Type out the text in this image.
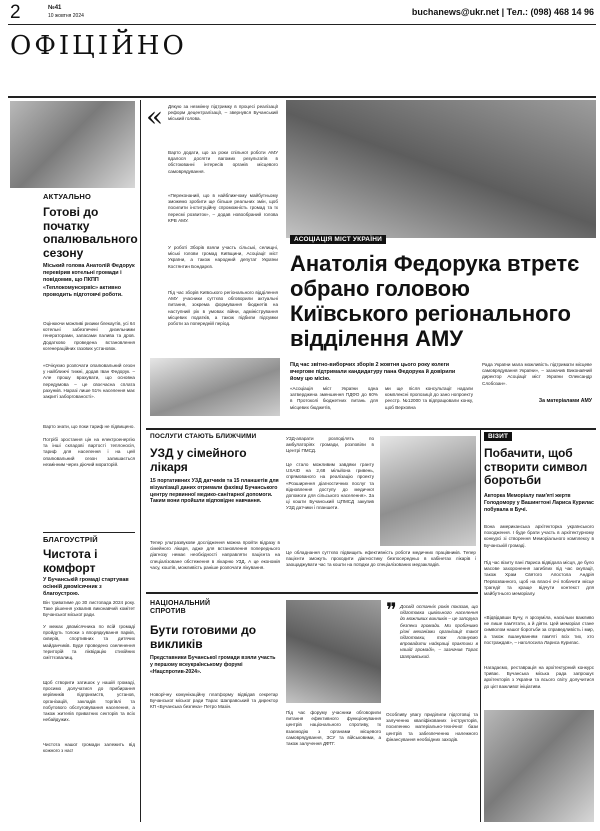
2	№41
10 жовтня 2024	buchanews@ukr.net | Тел.: (098) 468 14 96
ОФІЦІЙНО
АКТУАЛЬНО
Готові до початку опалювального сезону
Міський голова Анатолій Федорук перевірив котельні громади і повідомив, що ПКПП «Теплокомунсервіс» активно проводить підготовчі роботи.
Оцінюючи можливі ризики блекаутів, усі 64 котельні забезпечені дизельними генераторами, запасами палива та дров. Додатково проведена встановлення когенераційних газових установок.
«Очікуємо розпочати опалювальний сезон у найближчі тижні, додав Іван Федорук. – Але прошу врахувати, що основна передумова – це своєчасна сплата рахунків. Наразі лише 51% населення має закриті заборгованості».
Варто знати, що поки тариф не підвищено.
Потрібі зростання цін на електроенергію та інші складові вартості теплоносія, тариф для населення і на цей опалювальний сезон залишається незмінним через діючий мораторій.
БЛАГОУСТРІЙ
Чистота і комфорт
У Бучанській громаді стартував осінній двомісячник з благоустрою.
Він триватиме до 30 листопада 2024 року. Таке рішення ухвалив виконавчий комітет Бучанської міської ради.
У межах двомісячника по всій громаді пройдуть толоки з впорядкування парків, скверів, спортивних та дитячих майданчиків. Буде проведено озеленення територій та ліквідацію стихійних сміттєзвалищ.
Щоб створити затишок у нашій громаді, просимо долучатися до прибирання керівників підприємств, установ, організацій, закладів торгівлі та побутового обслуговування населення, а також жителів приватних секторів та всіх небайдужих.
Чистота нашої громади залежить від кожного з нас!
« Дякую за незмінну підтримку в процесі реалізації реформ децентралізації, – звернувся Бучанський міський голова.
Варто додати, що за роки спільної роботи АМУ вдалося досягти вагомих результатів в обстоюванні інтересів органів місцевого самоврядування.
«Переконаний, що в найближчому майбутньому зможемо зробити ще більше реальних змін, щоб посилити інституційну спроможність громад та їх пересмі розвиток», – додав новообраний голова КРВ АМУ.
У роботі Зборів взяли участь сільські, селищні, міські голови громад Київщини, Асоціації міст України, а також народний депутат України Костянтин Бондарєв.
Під час зборів Київського регіонального відділення АМУ учасники суттєво обговорили актуальні питання, зокрема формування бюджетів на наступний рік в умовах війни, адміністрування місцевих податків, а також підбили підсумки роботи за попередній період.
АСОЦІАЦІЯ МІСТ УКРАЇНИ
Анатолія Федорука втретє обрано головою Київського регіонального відділення АМУ
Під час звітно-виборчих зборів 2 жовтня цього року колеги вчергове підтримали кандидатуру пана Федорука й довірили йому цю місію.
«Асоціація міст України одна затверджена зменшення ПДФО до 60% в Протоколі бюджетних питань для місцевих бюджетів,
ми ще після консультації надали комплексні пропозиції до зано нопроекту реєстр. №12000 та відпрацювали конку, щоб Верховна
Рада України мала можливість підтримати місцеве самоврядування України», – зазначив Виконавчий директор Асоціації міст України Олександр Слобозан».
За матеріалами АМУ
ПОСЛУГИ СТАЮТЬ БЛИЖЧИМИ
УЗД у сімейного лікаря
15 портативних УЗД датчиків та 15 планшетів для візуалізації даних отримали фахівці Бучанського центру первинної медико-санітарної допомоги. Таким вони пройшли відповідне навчання.
Тепер ультразвукове дослідження можна пройти відразу в сімейного лікаря, адже для встановлення попереднього діагнозу немає необхідності направляти пацієнта на спеціалізоване обстеження в лікарню УЗД. А це економія часу, коштів, можливість раніше розпочати лікування.
УЗД-апарати розподілять по амбулаторіях громади, розповіли в Центрі ПМСД.
Це стало можливим завдяки гранту USAID на 2,68 мільйона гривень, спрямованого на реалізацію проекту «Розширення діагностичних послуг та відновлення доступу до медичної допомоги для сільського населення». За ці кошти Бучанський ЦПМСД закупив УЗД датчики і планшети.
Це обладнання суттєво підвищить ефективність роботи медичних працівників. Тепер пацієнти зможуть проходити діагностику безпосередньо в кабінетах лікарів і заощаджувати час та кошти на поїздки до спеціалізованих медзакладів.
НАЦІОНАЛЬНИЙ СПРОТИВ
Бути готовими до викликів
Представники Бучанської громади взяли участь у першому всеукраїнському форумі «Нацспротив-2024».
Новорічну комунікаційну платформу відвідав секретар Бучанської міської ради Тарас Шаправський та директор КП «Бучанська безпека» Петро Мазін.
Під час форуму учасники обговорили питання ефективного функціонування центрів національного спротиву, їх взаємодію з органами місцевого самоврядування, ЗСУ та військовими, а також залучення ДФТГ.
❞ Досвід останніх років показав, що підготовка цивільного населення до можливих викликів – це запорука безпеки громади. Ми пробачимо різні механізми організації такої підготовки, тож плануємо впровадити найкращі практики в нашій громаді», – зазначив Тарас Шаправський.
Особливу увагу приділили підготовці та залученню кваліфікованих інструкторів, посиленню матеріально-технічної бази центрів та забезпеченню належного фінансування необхідних заходів.
ВІЗИТ
Побачити, щоб створити символ боротьби
Авторка Меморіалу пам'яті жертв Голодомору у Вашингтоні Лариса Курилас побувала в Бучі.
Вона американська архітекторка українського походження. І буде брати участь в архітектурному конкурсі зі створення Меморіального комплексу в Бучанській громаді.
Під час візиту пані Лариса відвідала місця, де було масове захоронення загиблих під час окупації, також Храм Святого Апостола Андрія Первозванного, щоб на власні очі побачити місце трагедії та краще відчути контекст для майбутнього меморіалу.
«Відвідавши Бучу, я зрозуміла, наскільки важливо не лише пам'ятати, а й діяти. Цей меморіал стане символом нашої боротьби за справедливість і мир, а також вшануванням пам'яті всіх тих, хто постраждав», – наголосила Лариса Курилас.
Нагадаємо, реставрація на архітектурний конкурс триває. Бучанська міська рада запрошує архітекторів з України та всього світу долучитися до цієї важливої ініціативи.
